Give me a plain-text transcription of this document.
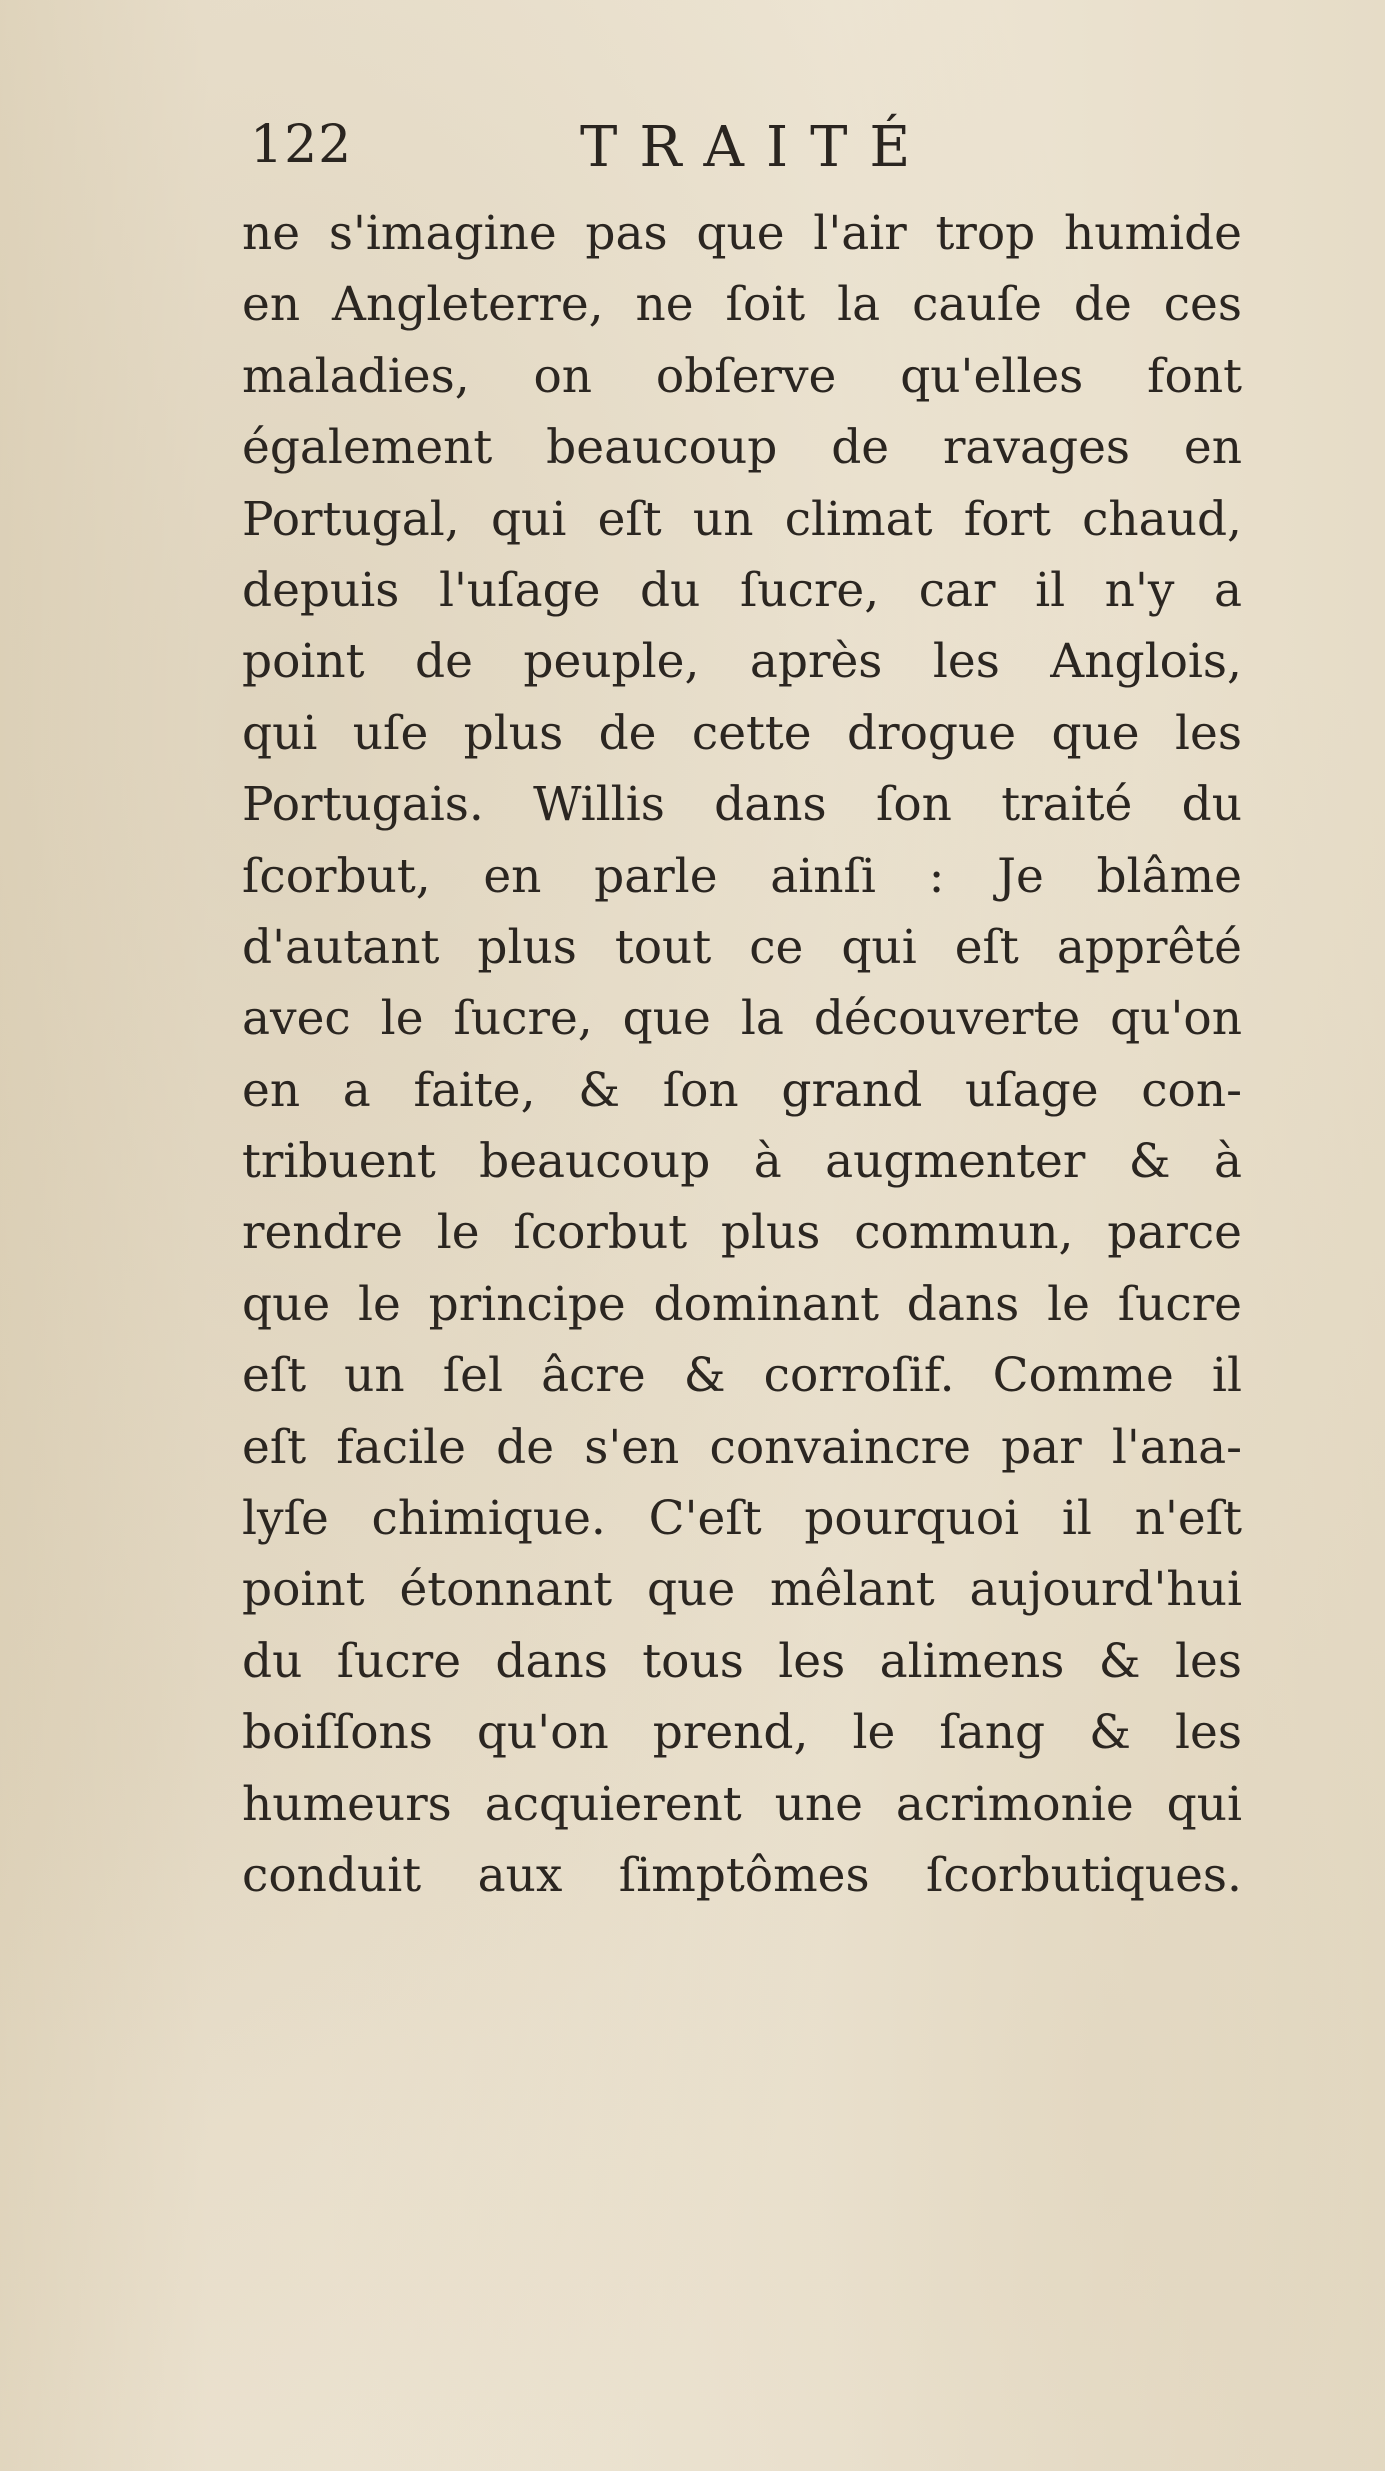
122	TRAITÉ
ne s'imagine pas que l'air trop humide
en Angleterre, ne ſoit la cauſe de ces
maladies, on obſerve qu'elles font
également beaucoup de ravages en
Portugal, qui eſt un climat fort chaud,
depuis l'uſage du ſucre, car il n'y a
point de peuple, après les Anglois,
qui uſe plus de cette drogue que les
Portugais. Willis dans ſon traité du
ſcorbut, en parle ainſi : Je blâme
d'autant plus tout ce qui eſt apprêté
avec le ſucre, que la découverte qu'on
en a faite, & ſon grand uſage con-
tribuent beaucoup à augmenter & à
rendre le ſcorbut plus commun, parce
que le principe dominant dans le ſucre
eſt un ſel âcre & corroſif. Comme il
eſt facile de s'en convaincre par l'ana-
lyſe chimique. C'eſt pourquoi il n'eſt
point étonnant que mêlant aujourd'hui
du ſucre dans tous les alimens & les
boiſſons qu'on prend, le ſang & les
humeurs acquierent une acrimonie qui
conduit aux ſimptômes ſcorbutiques.
